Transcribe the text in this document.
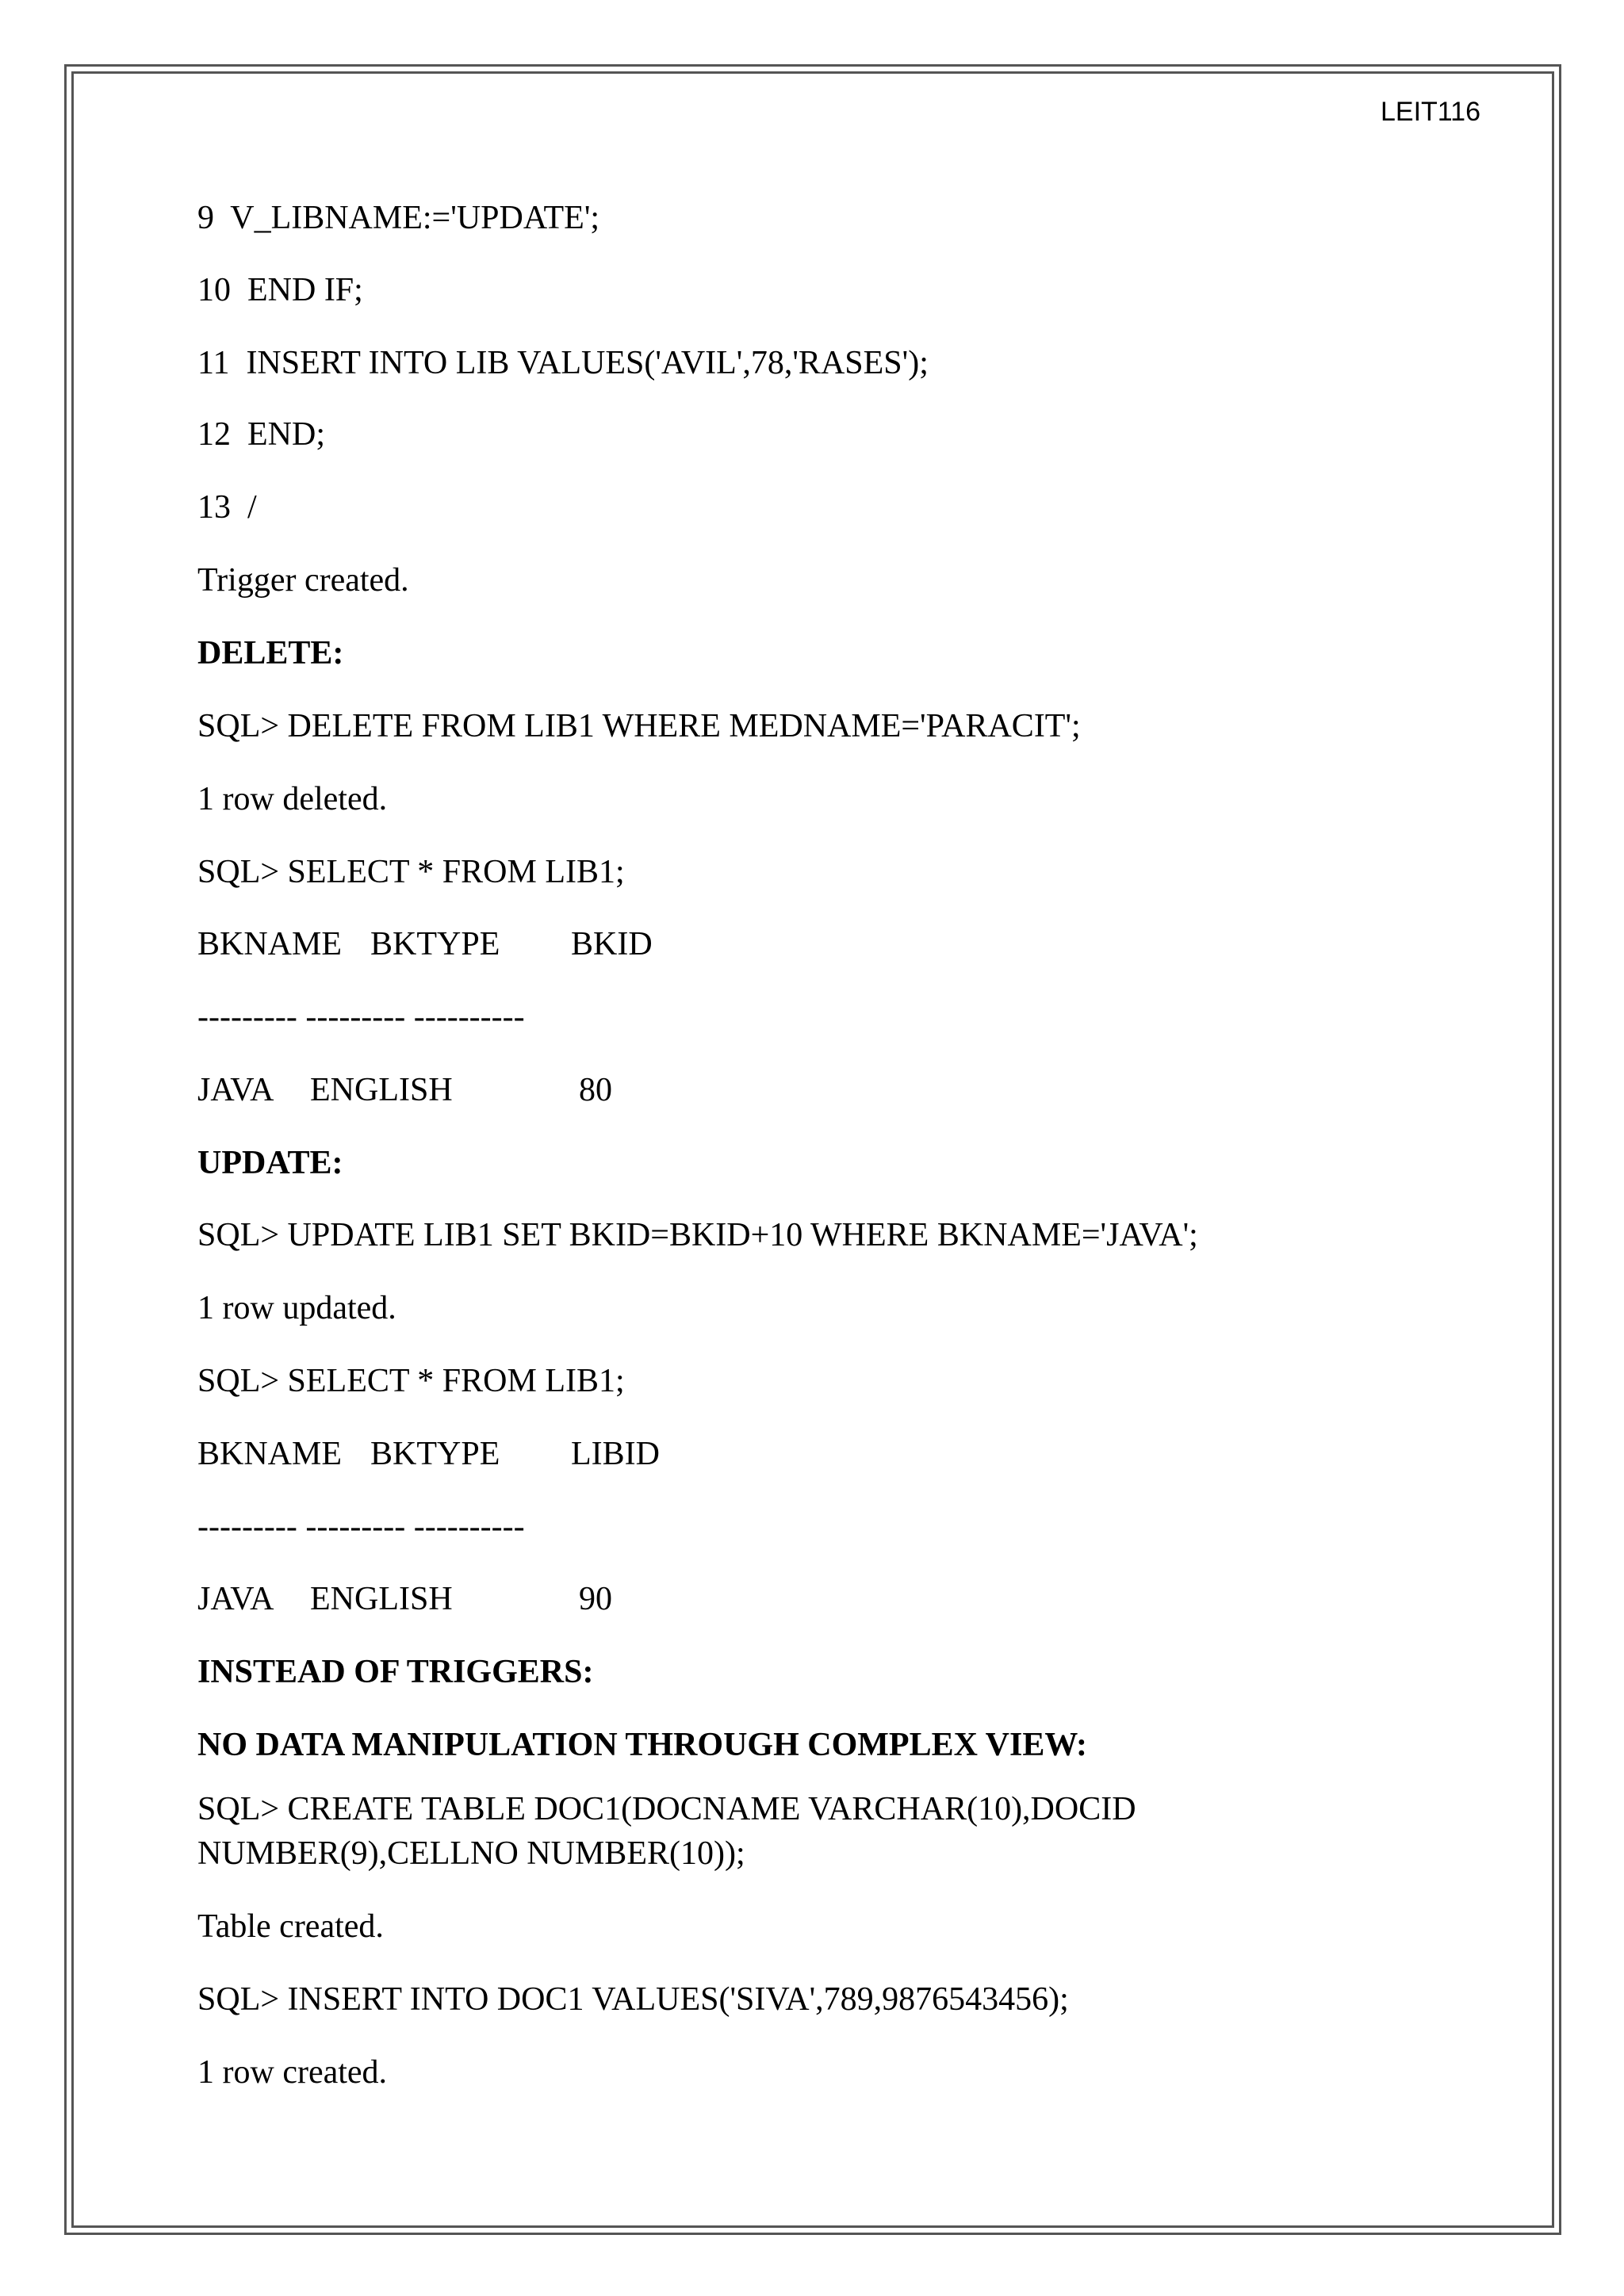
LEIT116
9  V_LIBNAME:='UPDATE';
10  END IF;
11  INSERT INTO LIB VALUES('AVIL',78,'RASES');
12  END;
13  /
Trigger created.
DELETE:
SQL> DELETE FROM LIB1 WHERE MEDNAME='PARACIT';
1 row deleted.
SQL> SELECT * FROM LIB1;

BKNAME

BKTYPE

BKID

--------- --------- ----------

JAVA

ENGLISH

	80

UPDATE:
SQL> UPDATE LIB1 SET BKID=BKID+10 WHERE BKNAME='JAVA';
1 row updated.
SQL> SELECT * FROM LIB1;

BKNAME

BKTYPE

LIBID

--------- --------- ----------

JAVA

ENGLISH

	90

INSTEAD OF TRIGGERS:
NO DATA MANIPULATION THROUGH COMPLEX VIEW:
SQL> CREATE TABLE DOC1(DOCNAME VARCHAR(10),DOCID
NUMBER(9),CELLNO NUMBER(10));
Table created.
SQL> INSERT INTO DOC1 VALUES('SIVA',789,9876543456);
1 row created.
